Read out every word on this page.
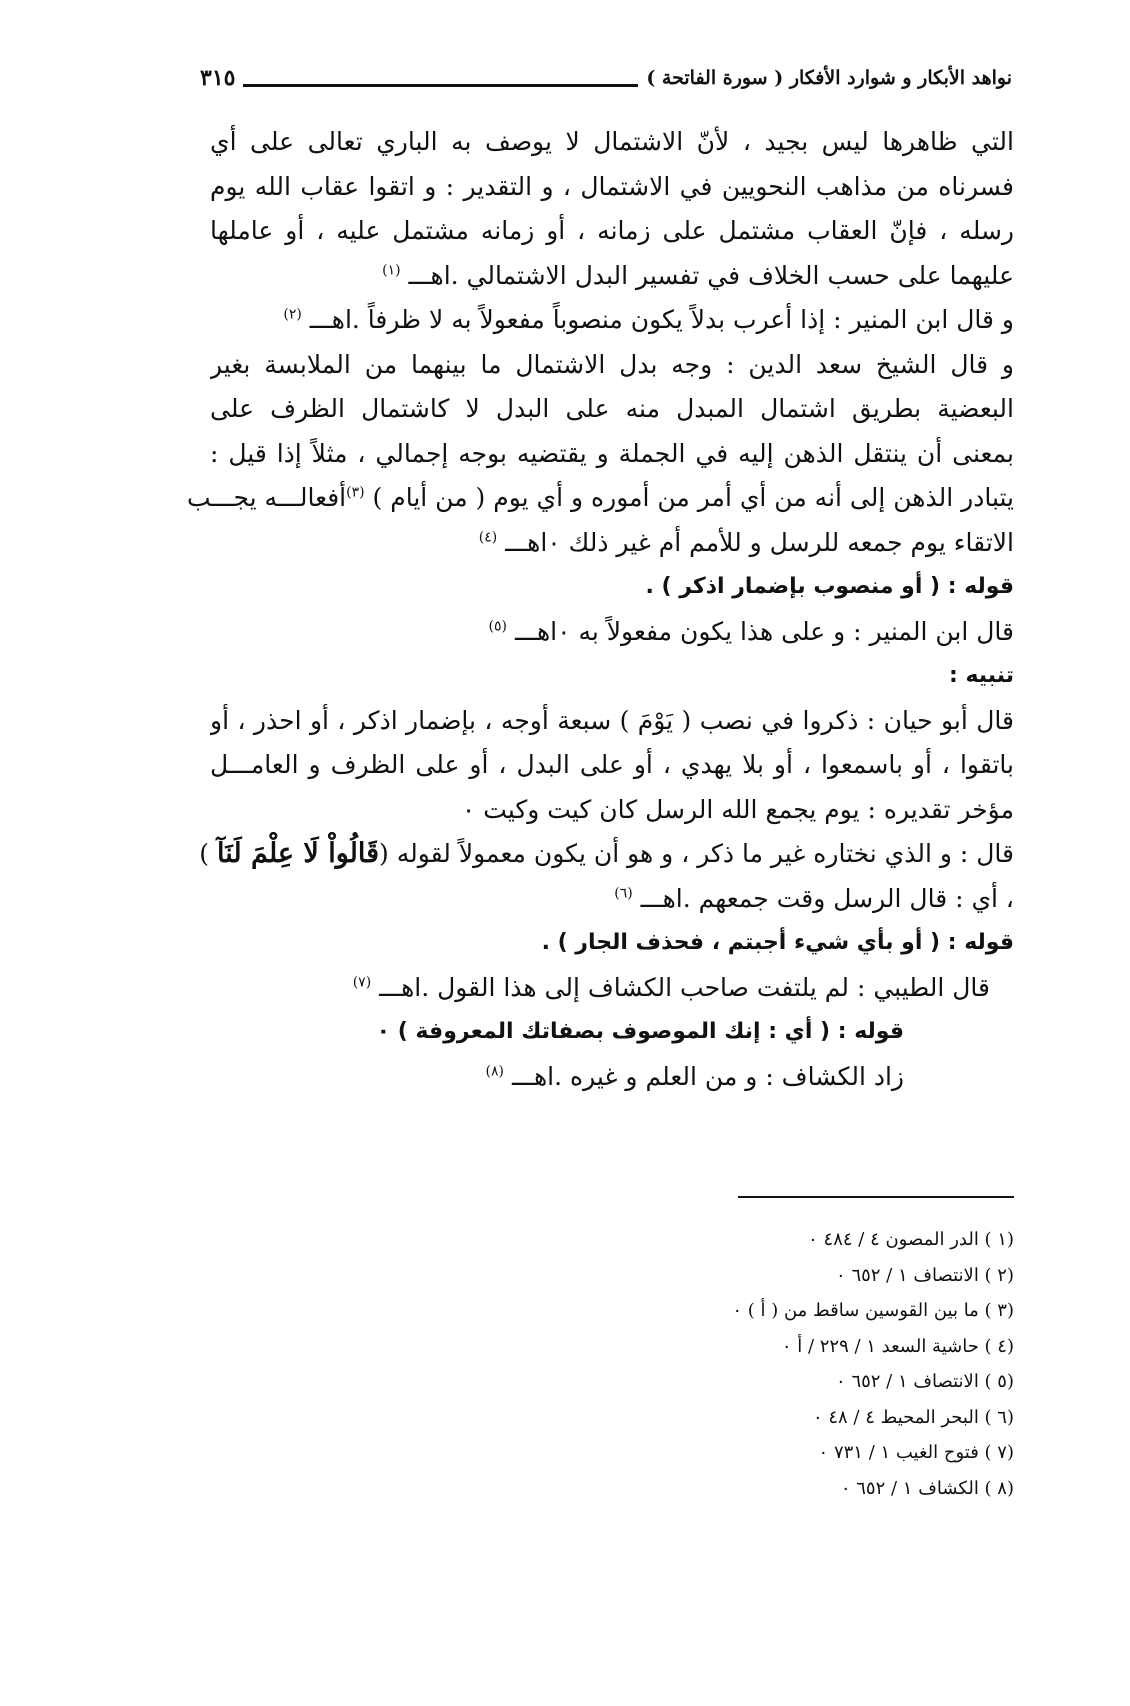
نواهد الأبكار و شوارد الأفكار ( سورة الفاتحة )
٣١٥
التي ظاهرها ليس بجيد ، لأنّ الاشتمال لا يوصف به الباري تعالى على أي
فسرناه من مذاهب النحويين في الاشتمال ، و التقدير : و اتقوا عقاب الله يوم
رسله ، فإنّ العقاب مشتمل على زمانه ، أو زمانه مشتمل عليه ، أو عاملها
عليهما على حسب الخلاف في تفسير البدل الاشتمالي .اهـــ $^{(١)}$
و قال ابن المنير : إذا أعرب بدلاً يكون منصوباً مفعولاً به لا ظرفاً .اهـــ $^{(٢)}$
و قال الشيخ سعد الدين : وجه بدل الاشتمال ما بينهما من الملابسة بغير
البعضية بطريق اشتمال المبدل منه على البدل لا كاشتمال الظرف على
بمعنى أن ينتقل الذهن إليه في الجملة و يقتضيه بوجه إجمالي ، مثلاً إذا قيل :
يتبادر الذهن إلى أنه من أي أمر من أموره و أي يوم ( من أيام ) $^{(٣)}$
أفعالـــه يجـــب
الاتقاء يوم جمعه للرسل و للأمم أم غير ذلك ٠اهـــ $^{(٤)}$
قوله : ( أو منصوب بإضمار اذكر ) .
قال ابن المنير : و على هذا يكون مفعولاً به ٠اهـــ $^{(٥)}$
تنبيه :
قال أبو حيان : ذكروا في نصب ( يَوْمَ ) سبعة أوجه ، بإضمار اذكر ، أو احذر ، أو
باتقوا ، أو باسمعوا ، أو بلا يهدي ، أو على البدل ، أو على الظرف و العامـــل
مؤخر تقديره : يوم يجمع الله الرسل كان كيت وكيت ٠
قال : و الذي نختاره غير ما ذكر ، و هو أن يكون معمولاً لقوله (
قَالُواْ لَا عِلْمَ لَنَآ )
، أي : قال الرسل وقت جمعهم .اهـــ $^{(٦)}$
قوله : ( أو بأي شيء أجبتم ، فحذف الجار ) .
قال الطيبي : لم يلتفت صاحب الكشاف إلى هذا القول .اهـــ $^{(٧)}$
قوله : ( أي : إنك الموصوف بصفاتك المعروفة ) ٠
زاد الكشاف : و من العلم و غيره .اهـــ $^{(٨)}$
(١ ) الدر المصون ٤ / ٤٨٤ ٠
(٢ ) الانتصاف ١ / ٦٥٢ ٠
(٣ ) ما بين القوسين ساقط من ( أ ) ٠
(٤ ) حاشية السعد ١ / ٢٢٩ / أ ٠
(٥ ) الانتصاف ١ / ٦٥٢ ٠
(٦ ) البحر المحيط ٤ / ٤٨ ٠
(٧ ) فتوح الغيب ١ / ٧٣١ ٠
(٨ ) الكشاف ١ / ٦٥٢ ٠
